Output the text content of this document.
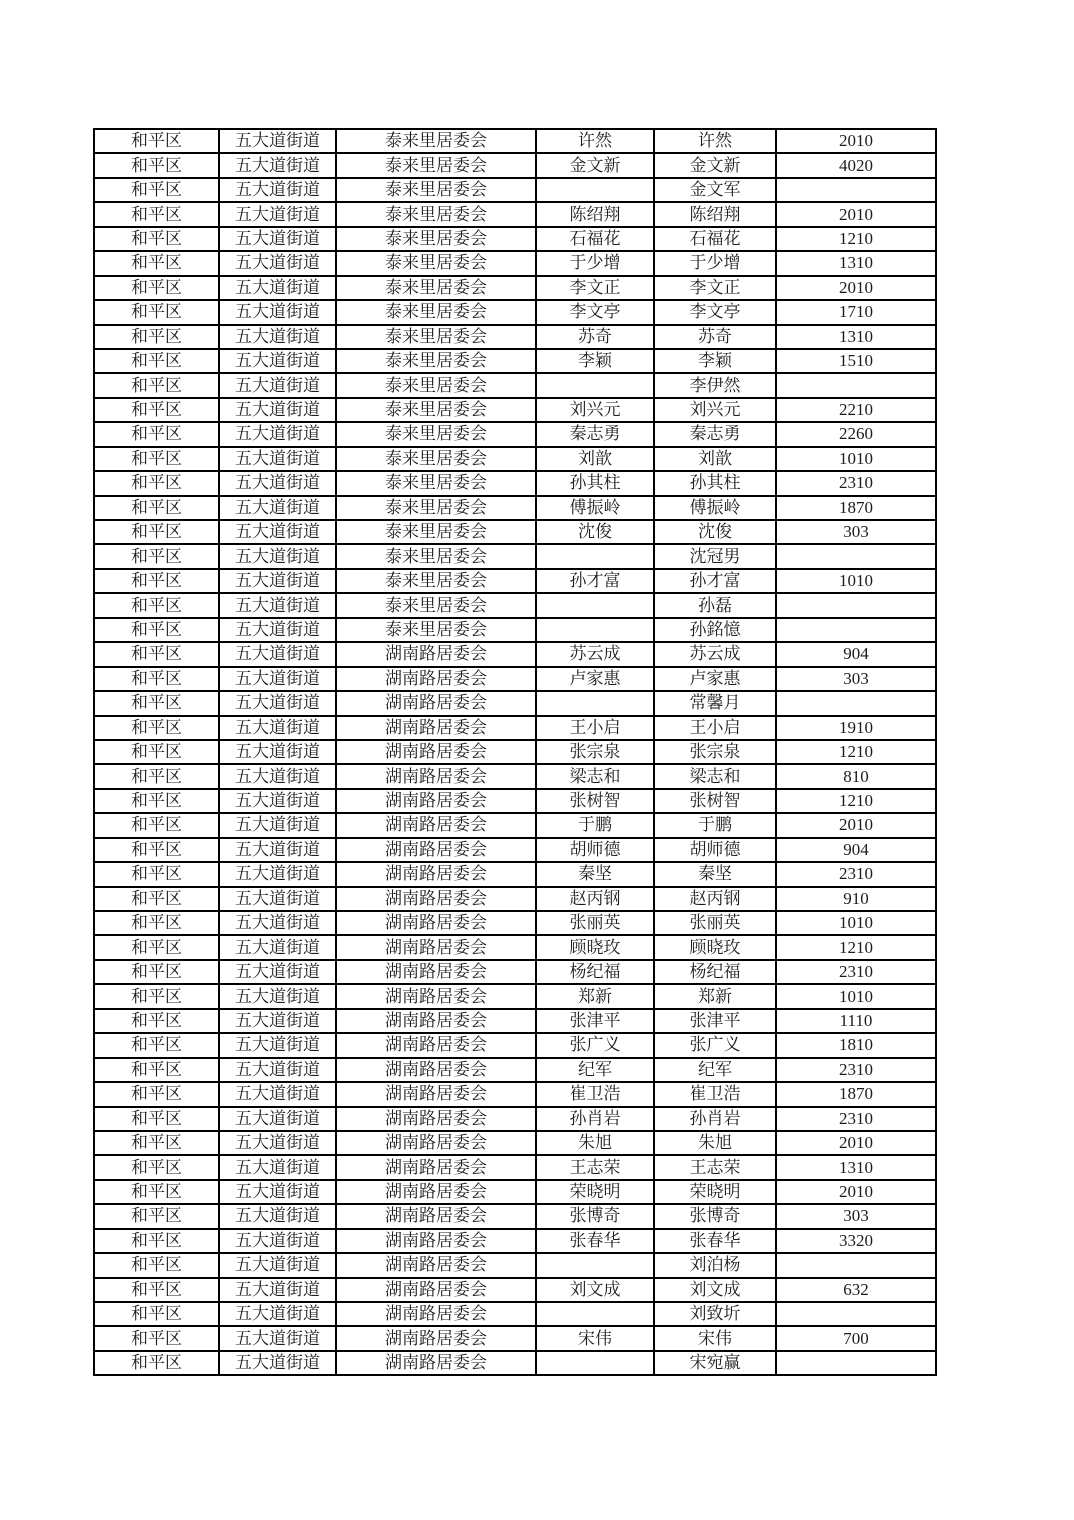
和平区	五大道街道	泰来里居委会	许然	许然	2010
和平区	五大道街道	泰来里居委会	金文新	金文新	4020
和平区	五大道街道	泰来里居委会		金文军	
和平区	五大道街道	泰来里居委会	陈绍翔	陈绍翔	2010
和平区	五大道街道	泰来里居委会	石福花	石福花	1210
和平区	五大道街道	泰来里居委会	于少增	于少增	1310
和平区	五大道街道	泰来里居委会	李文正	李文正	2010
和平区	五大道街道	泰来里居委会	李文亭	李文亭	1710
和平区	五大道街道	泰来里居委会	苏奇	苏奇	1310
和平区	五大道街道	泰来里居委会	李颖	李颖	1510
和平区	五大道街道	泰来里居委会		李伊然	
和平区	五大道街道	泰来里居委会	刘兴元	刘兴元	2210
和平区	五大道街道	泰来里居委会	秦志勇	秦志勇	2260
和平区	五大道街道	泰来里居委会	刘歆	刘歆	1010
和平区	五大道街道	泰来里居委会	孙其柱	孙其柱	2310
和平区	五大道街道	泰来里居委会	傅振岭	傅振岭	1870
和平区	五大道街道	泰来里居委会	沈俊	沈俊	303
和平区	五大道街道	泰来里居委会		沈冠男	
和平区	五大道街道	泰来里居委会	孙才富	孙才富	1010
和平区	五大道街道	泰来里居委会		孙磊	
和平区	五大道街道	泰来里居委会		孙銘憶	
和平区	五大道街道	湖南路居委会	苏云成	苏云成	904
和平区	五大道街道	湖南路居委会	卢家惠	卢家惠	303
和平区	五大道街道	湖南路居委会		常馨月	
和平区	五大道街道	湖南路居委会	王小启	王小启	1910
和平区	五大道街道	湖南路居委会	张宗泉	张宗泉	1210
和平区	五大道街道	湖南路居委会	梁志和	梁志和	810
和平区	五大道街道	湖南路居委会	张树智	张树智	1210
和平区	五大道街道	湖南路居委会	于鹏	于鹏	2010
和平区	五大道街道	湖南路居委会	胡师德	胡师德	904
和平区	五大道街道	湖南路居委会	秦坚	秦坚	2310
和平区	五大道街道	湖南路居委会	赵丙钢	赵丙钢	910
和平区	五大道街道	湖南路居委会	张丽英	张丽英	1010
和平区	五大道街道	湖南路居委会	顾晓玫	顾晓玫	1210
和平区	五大道街道	湖南路居委会	杨纪福	杨纪福	2310
和平区	五大道街道	湖南路居委会	郑新	郑新	1010
和平区	五大道街道	湖南路居委会	张津平	张津平	1110
和平区	五大道街道	湖南路居委会	张广义	张广义	1810
和平区	五大道街道	湖南路居委会	纪军	纪军	2310
和平区	五大道街道	湖南路居委会	崔卫浩	崔卫浩	1870
和平区	五大道街道	湖南路居委会	孙肖岩	孙肖岩	2310
和平区	五大道街道	湖南路居委会	朱旭	朱旭	2010
和平区	五大道街道	湖南路居委会	王志荣	王志荣	1310
和平区	五大道街道	湖南路居委会	荣晓明	荣晓明	2010
和平区	五大道街道	湖南路居委会	张博奇	张博奇	303
和平区	五大道街道	湖南路居委会	张春华	张春华	3320
和平区	五大道街道	湖南路居委会		刘泊杨	
和平区	五大道街道	湖南路居委会	刘文成	刘文成	632
和平区	五大道街道	湖南路居委会		刘致圻	
和平区	五大道街道	湖南路居委会	宋伟	宋伟	700
和平区	五大道街道	湖南路居委会		宋宛赢	
